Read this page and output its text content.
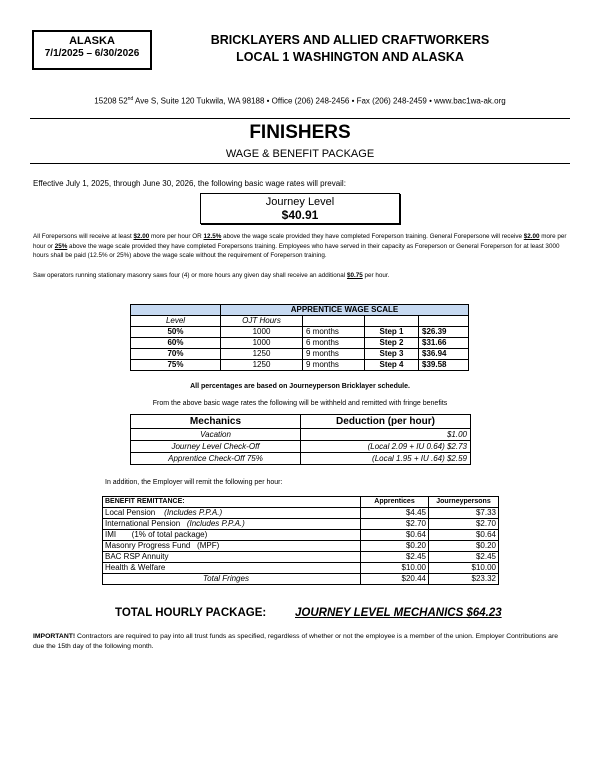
ALASKA
7/1/2025 – 6/30/2026
BRICKLAYERS AND ALLIED CRAFTWORKERS
LOCAL 1 WASHINGTON AND ALASKA
15208 52nd Ave S, Suite 120 Tukwila, WA 98188 • Office (206) 248-2456 • Fax (206) 248-2459 • www.bac1wa-ak.org
FINISHERS
WAGE & BENEFIT PACKAGE
Effective July 1, 2025, through June 30, 2026, the following basic wage rates will prevail:
Journey Level
$40.91
All Forepersons will receive at least $2.00 more per hour OR 12.5% above the wage scale provided they have completed Foreperson training. General Forepersone will receive $2.00 more per hour or 25% above the wage scale provided they have completed Forepersons training. Employees who have served in their capacity as Foreperson or General Foreperson for at least 3000 hours shall be paid (12.5% or 25%) above the wage scale without the requirement of Foreperson training.
Saw operators running stationary masonry saws four (4) or more hours any given day shall receive an additional $0.75 per hour.
	APPRENTICE WAGE SCALE			
Level	OJT Hours			
50%	1000	6 months	Step 1	$26.39
60%	1000	6 months	Step 2	$31.66
70%	1250	9 months	Step 3	$36.94
75%	1250	9 months	Step 4	$39.58
All percentages are based on Journeyperson Bricklayer schedule.
From the above basic wage rates the following will be withheld and remitted with fringe benefits
Mechanics	Deduction (per hour)
Vacation	$1.00
Journey Level Check-Off	(Local 2.09 + IU 0.64) $2.73
Apprentice Check-Off 75%	(Local 1.95 + IU .64) $2.59
In addition, the Employer will remit the following per hour:
BENEFIT REMITTANCE:	Apprentices	Journeypersons
Local Pension (Includes P.P.A.)	$4.45	$7.33
International Pension (Includes P.P.A.)	$2.70	$2.70
IMI (1% of total package)	$0.64	$0.64
Masonry Progress Fund (MPF)	$0.20	$0.20
BAC RSP Annuity	$2.45	$2.45
Health & Welfare	$10.00	$10.00
Total Fringes	$20.44	$23.32
TOTAL HOURLY PACKAGE:	JOURNEY LEVEL MECHANICS $64.23
IMPORTANT! Contractors are required to pay into all trust funds as specified, regardless of whether or not the employee is a member of the union. Employer Contributions are due the 15th day of the following month.
